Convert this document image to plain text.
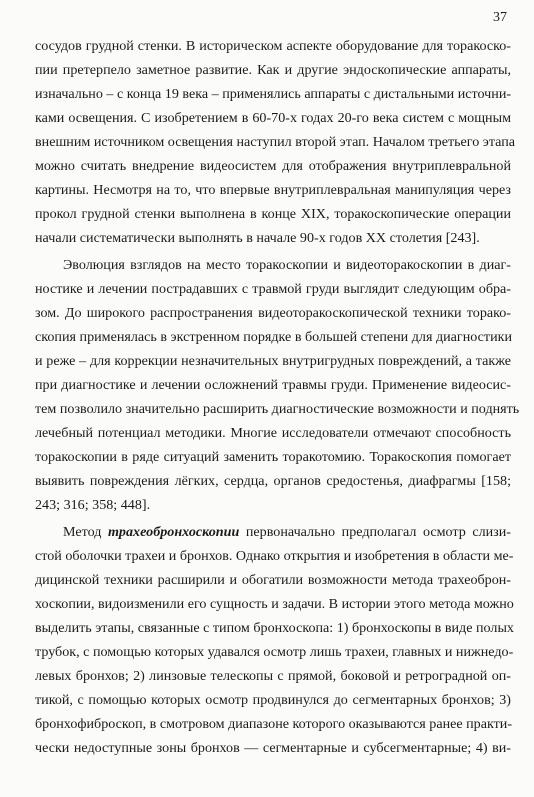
37
сосудов грудной стенки. В историческом аспекте оборудование для торакоско-
пии претерпело заметное развитие. Как и другие эндоскопические аппараты,
изначально – с конца 19 века – применялись аппараты с дистальными источни-
ками освещения. С изобретением в 60-70-х годах 20-го века систем с мощным
внешним источником освещения наступил второй этап. Началом третьего этапа
можно считать внедрение видеосистем для отображения внутриплевральной
картины. Несмотря на то, что впервые внутриплевральная манипуляция через
прокол грудной стенки выполнена в конце XIX, торакоскопические операции
начали систематически выполнять в начале 90-х годов XX столетия [243].
Эволюция взглядов на место торакоскопии и видеоторакоскопии в диаг-
ностике и лечении пострадавших с травмой груди выглядит следующим обра-
зом. До широкого распространения видеоторакоскопической техники торако-
скопия применялась в экстренном порядке в большей степени для диагностики
и реже – для коррекции незначительных внутригрудных повреждений, а также
при диагностике и лечении осложнений травмы груди. Применение видеосис-
тем позволило значительно расширить диагностические возможности и поднять
лечебный потенциал методики. Многие исследователи отмечают способность
торакоскопии в ряде ситуаций заменить торакотомию. Торакоскопия помогает
выявить повреждения лёгких, сердца, органов средостенья, диафрагмы [158;
243; 316; 358; 448].
Метод трахеобронхоскопии первоначально предполагал осмотр слизи-
стой оболочки трахеи и бронхов. Однако открытия и изобретения в области ме-
дицинской техники расширили и обогатили возможности метода трахеоброн-
хоскопии, видоизменили его сущность и задачи. В истории этого метода можно
выделить этапы, связанные с типом бронхоскопа: 1) бронхоскопы в виде полых
трубок, с помощью которых удавался осмотр лишь трахеи, главных и нижнедо-
левых бронхов; 2) линзовые телескопы с прямой, боковой и ретроградной оп-
тикой, с помощью которых осмотр продвинулся до сегментарных бронхов; 3)
бронхофиброскоп, в смотровом диапазоне которого оказываются ранее практи-
чески недоступные зоны бронхов — сегментарные и субсегментарные; 4) ви-
